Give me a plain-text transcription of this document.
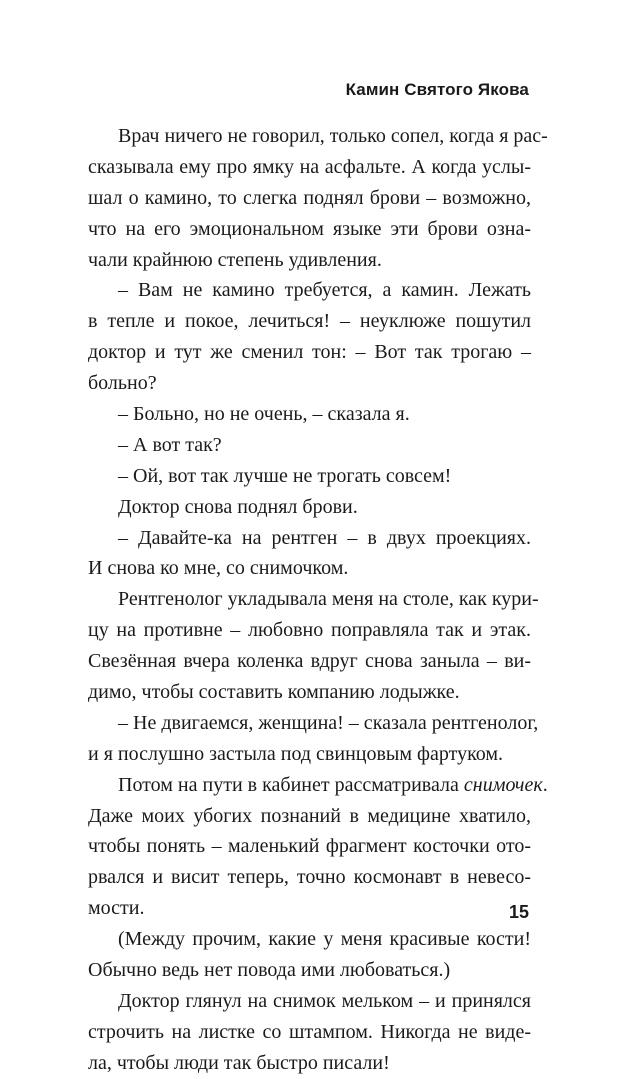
Камин Святого Якова
Врач ничего не говорил, только сопел, когда я рас-
сказывала ему про ямку на асфальте. А когда услы-
шал о камино, то слегка поднял брови – возможно,
что на его эмоциональном языке эти брови озна-
чали крайнюю степень удивления.
– Вам не камино требуется, а камин. Лежать
в тепле и покое, лечиться! – неуклюже пошутил
доктор и тут же сменил тон: – Вот так трогаю –
больно?
– Больно, но не очень, – сказала я.
– А вот так?
– Ой, вот так лучше не трогать совсем!
Доктор снова поднял брови.
– Давайте-ка на рентген – в двух проекциях.
И снова ко мне, со снимочком.
Рентгенолог укладывала меня на столе, как кури-
цу на противне – любовно поправляла так и этак.
Свезённая вчера коленка вдруг снова заныла – ви-
димо, чтобы составить компанию лодыжке.
– Не двигаемся, женщина! – сказала рентгенолог,
и я послушно застыла под свинцовым фартуком.
Потом на пути в кабинет рассматривала снимочек.
Даже моих убогих познаний в медицине хватило,
чтобы понять – маленький фрагмент косточки ото-
рвался и висит теперь, точно космонавт в невесо-
мости.
(Между прочим, какие у меня красивые кости!
Обычно ведь нет повода ими любоваться.)
Доктор глянул на снимок мельком – и принялся
строчить на листке со штампом. Никогда не виде-
ла, чтобы люди так быстро писали!
15
